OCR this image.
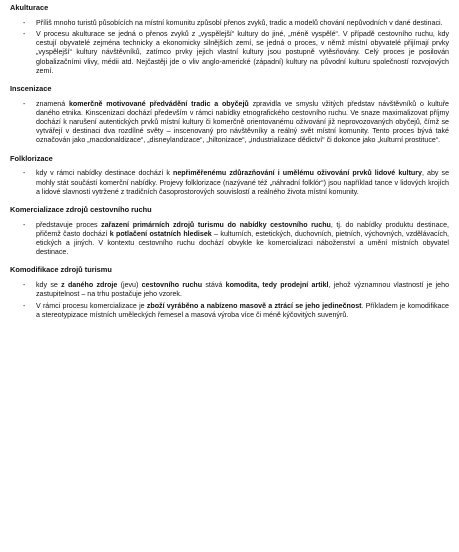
Akulturace
- Příliš mnoho turistů působících na místní komunitu způsobí přenos zvyků, tradic a modelů chování nepůvodních v dané destinaci.
- V procesu akulturace se jedná o přenos zvyků z „vyspělejší“ kultury do jiné, „méně vyspělé“. V případě cestovního ruchu, kdy cestují obyvatelé zejména technicky a ekonomicky silnějších zemí, se jedná o proces, v němž místní obyvatelé přijímají prvky „vyspělejší“ kultury návštěvníků, zatímco prvky jejich vlastní kultury jsou postupně vytěsňovány. Celý proces je posilován globalizačními vlivy, médii atd. Nejčastěji jde o vliv anglo-americké (západní) kultury na původní kulturu společností rozvojových zemí.
Inscenizace
- znamená komerčně motivované předvádění tradic a obyčejů zpravidla ve smyslu vžitých představ návštěvníků o kultuře daného etnika. Kinscenizaci dochází především v rámci nabídky etnografického cestovního ruchu. Ve snaze maximalizovat příjmy dochází k narušení autentických prvků místní kultury či komerčně orientovanému oživování již neprovozovaných obyčejů, čímž se vytvářejí v destinaci dva rozdílné světy – inscenovaný pro návštěvníky a reálný svět místní komunity. Tento proces bývá také označován jako „macdonaldizace“, „disneylandizace“, „hiltonizace“, „industrializace dědictví“ či dokonce jako „kulturní prostituce“.
Folklorizace
- kdy v rámci nabídky destinace dochází k nepřiměřenému zdůrazňování i umělému oživování prvků lidové kultury, aby se mohly stát součástí komerční nabídky. Projevy folklorizace (nazývané též „náhradní folklór“) jsou například tance v lidových krojích a lidové slavnosti vytržené z tradičních časoprostorových souvislostí a reálného života místní komunity.
Komercializace zdrojů cestovního ruchu
- představuje proces zařazení primárních zdrojů turismu do nabídky cestovního ruchu, tj. do nabídky produktu destinace, přičemž často dochází k potlačení ostatních hledisek – kulturních, estetických, duchovních, pietních, výchovných, vzdělávacích, etických a jiných. V kontextu cestovního ruchu dochází obvykle ke komercializaci náboženství a umění místních obyvatel destinace.
Komodifikace zdrojů turismu
- kdy se z daného zdroje (jevu) cestovního ruchu stává komodita, tedy prodejní artikl, jehož významnou vlastností je jeho zastupitelnost – na trhu postačuje jeho vzorek.
- V rámci procesu komercializace je zboží vyráběno a nabízeno masově a ztrácí se jeho jedinečnost. Příkladem je komodifikace a stereotypizace místních uměleckých řemesel a masová výroba více či méně kýčovitých suvenýrů.
